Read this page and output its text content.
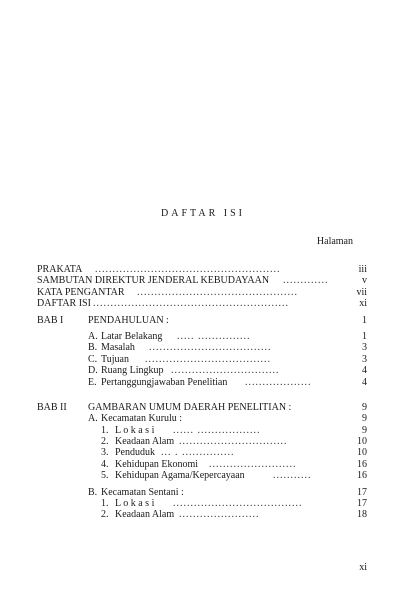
DAFTAR ISI
Halaman
PRAKATA .....................................................	iii
SAMBUTAN DIREKTUR JENDERAL KEBUDAYAAN .............	v
KATA PENGANTAR ..............................................	vii
DAFTAR ISI ........................................................	xi
BAB I PENDAHULUAN :	1
A. Latar Belakang ..... ...............	1
B. Masalah ...................................	3
C. Tujuan ....................................	3
D. Ruang Lingkup ...............................	4
E. Pertanggungjawaban Penelitian ...................	4
BAB II GAMBARAN UMUM DAERAH PENELITIAN :	9
A. Kecamatan Kurulu :	9
1. L o k a s i ...... ..................	9
2. Keadaan Alam ...............................	10
3. Penduduk ... . ...............	10
4. Kehidupan Ekonomi .........................	16
5. Kehidupan Agama/Kepercayaan	...........	16
B. Kecamatan Sentani :	17
1. L o k a s i .....................................	17
2. Keadaan Alam .......................	18
xi
